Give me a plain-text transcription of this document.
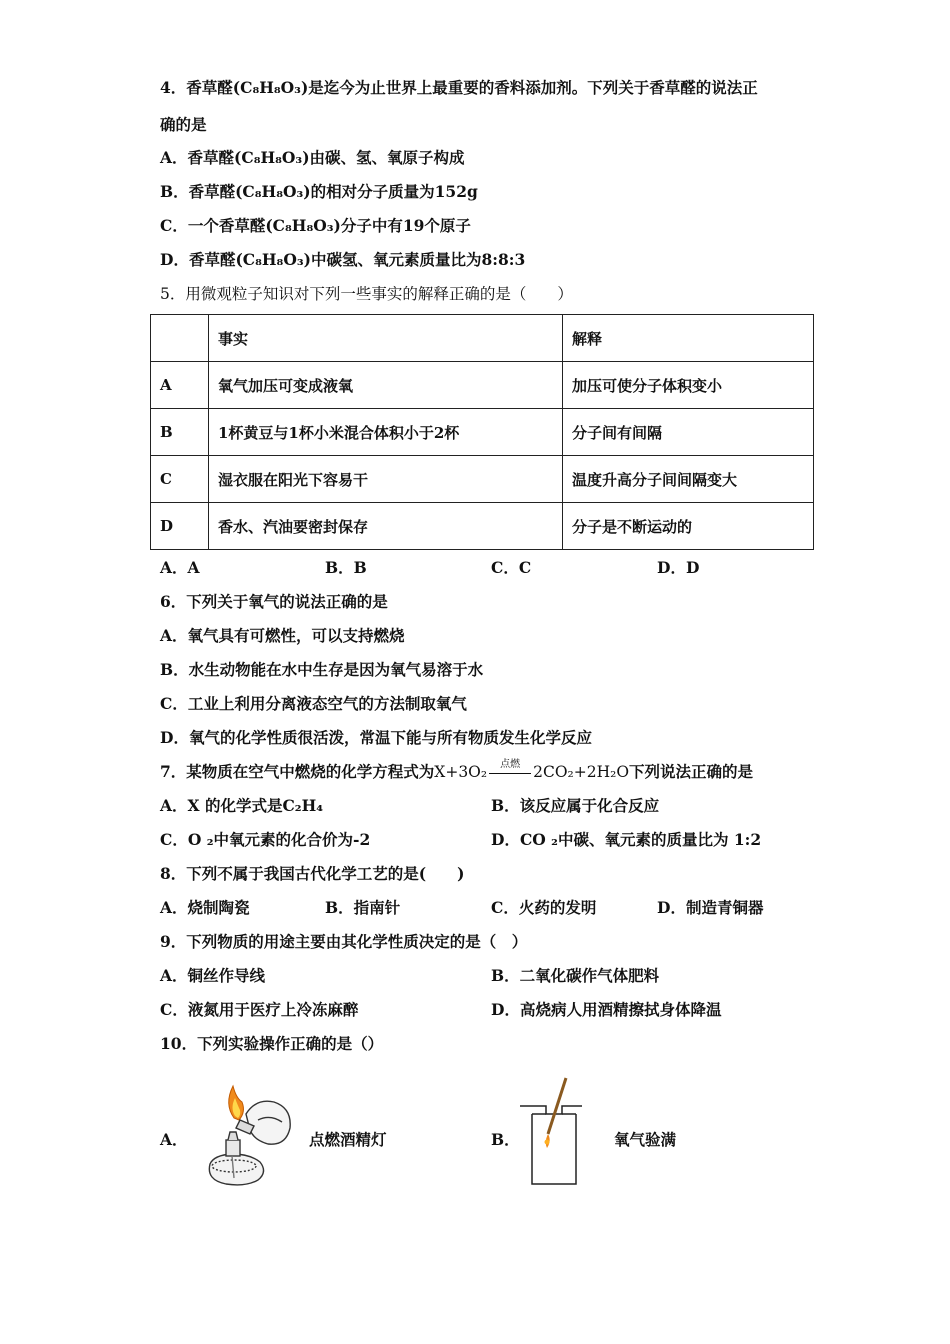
4．香草醛(C₈H₈O₃)是迄今为止世界上最重要的香料添加剂。下列关于香草醛的说法正
确的是
A．香草醛(C₈H₈O₃)由碳、氢、氧原子构成
B．香草醛(C₈H₈O₃)的相对分子质量为152g
C．一个香草醛(C₈H₈O₃)分子中有19个原子
D．香草醛(C₈H₈O₃)中碳氢、氧元素质量比为8:8:3
5．用微观粒子知识对下列一些事实的解释正确的是（　　）
	事实	解释
A	氧气加压可变成液氧	加压可使分子体积变小
B	1杯黄豆与1杯小米混合体积小于2杯	分子间有间隔
C	湿衣服在阳光下容易干	温度升高分子间间隔变大
D	香水、汽油要密封保存	分子是不断运动的
A．A	B．B	C．C	D．D
6．下列关于氧气的说法正确的是
A．氧气具有可燃性，可以支持燃烧
B．水生动物能在水中生存是因为氧气易溶于水
C．工业上利用分离液态空气的方法制取氧气
D．氧气的化学性质很活泼，常温下能与所有物质发生化学反应
7．某物质在空气中燃烧的化学方程式为X+3O₂	点燃 2CO₂+2H₂O下列说法正确的是
A．X 的化学式是C₂H₄	B．该反应属于化合反应
C．O ₂中氧元素的化合价为-2	D．CO ₂中碳、氧元素的质量比为 1:2
8．下列不属于我国古代化学工艺的是(　　)
A．烧制陶瓷	B．指南针	C．火药的发明	D．制造青铜器
9．下列物质的用途主要由其化学性质决定的是（　）
A．铜丝作导线	B．二氧化碳作气体肥料
C．液氮用于医疗上冷冻麻醉	D．高烧病人用酒精擦拭身体降温
10．下列实验操作正确的是（）
A．	点燃酒精灯	B．	氧气验满
